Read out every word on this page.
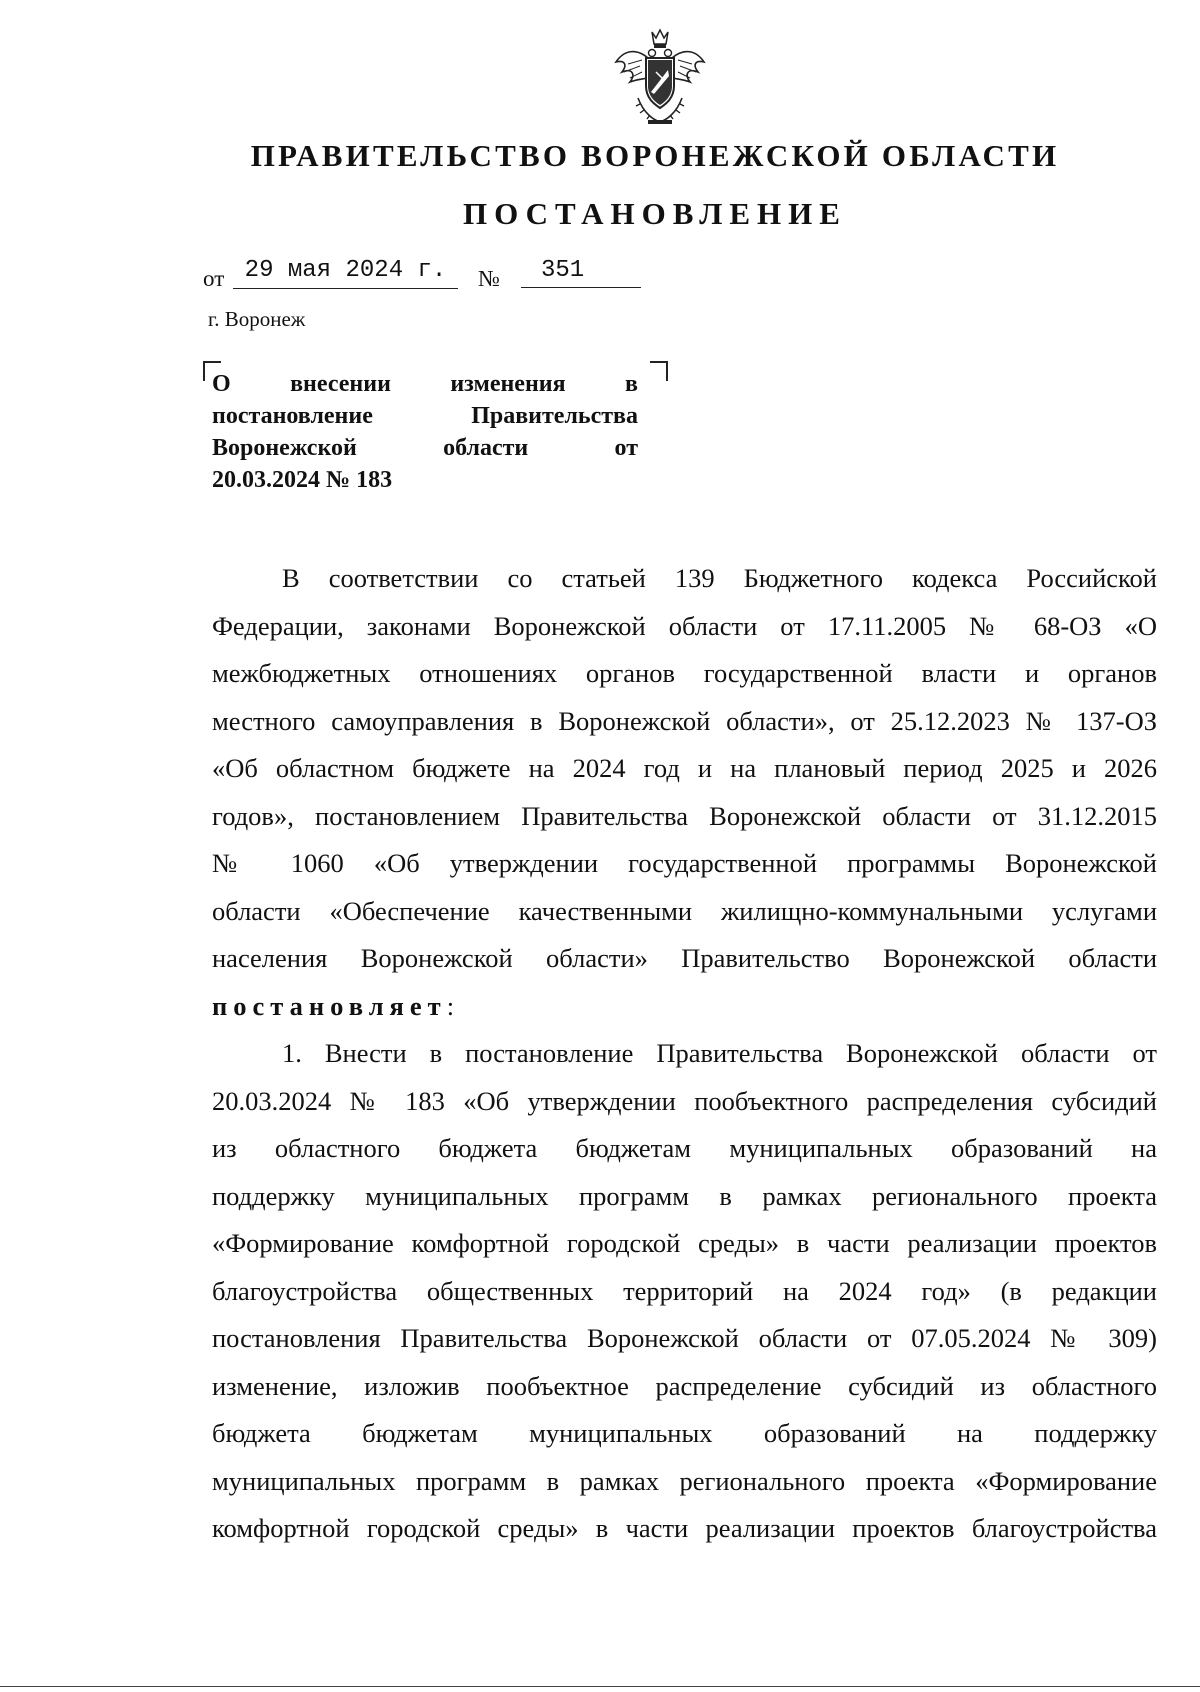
ПРАВИТЕЛЬСТВО ВОРОНЕЖСКОЙ ОБЛАСТИ
ПОСТАНОВЛЕНИЕ
от 29 мая 2024 г.	№	351
г. Воронеж
О внесении изменения в
постановление Правительства
Воронежской области от
20.03.2024 № 183
В соответствии со статьей 139 Бюджетного кодекса Российской
Федерации, законами Воронежской области от 17.11.2005 № 68-ОЗ «О
межбюджетных отношениях органов государственной власти и органов
местного самоуправления в Воронежской области», от 25.12.2023 № 137-ОЗ
«Об областном бюджете на 2024 год и на плановый период 2025 и 2026
годов», постановлением Правительства Воронежской области от 31.12.2015
№ 1060 «Об утверждении государственной программы Воронежской
области «Обеспечение качественными жилищно-коммунальными услугами
населения Воронежской области» Правительство Воронежской области
постановляет:
1. Внести в постановление Правительства Воронежской области от
20.03.2024 № 183 «Об утверждении пообъектного распределения субсидий
из областного бюджета бюджетам муниципальных образований на
поддержку муниципальных программ в рамках регионального проекта
«Формирование комфортной городской среды» в части реализации проектов
благоустройства общественных территорий на 2024 год» (в редакции
постановления Правительства Воронежской области от 07.05.2024 № 309)
изменение, изложив пообъектное распределение субсидий из областного
бюджета бюджетам муниципальных образований на поддержку
муниципальных программ в рамках регионального проекта «Формирование
комфортной городской среды» в части реализации проектов благоустройства
